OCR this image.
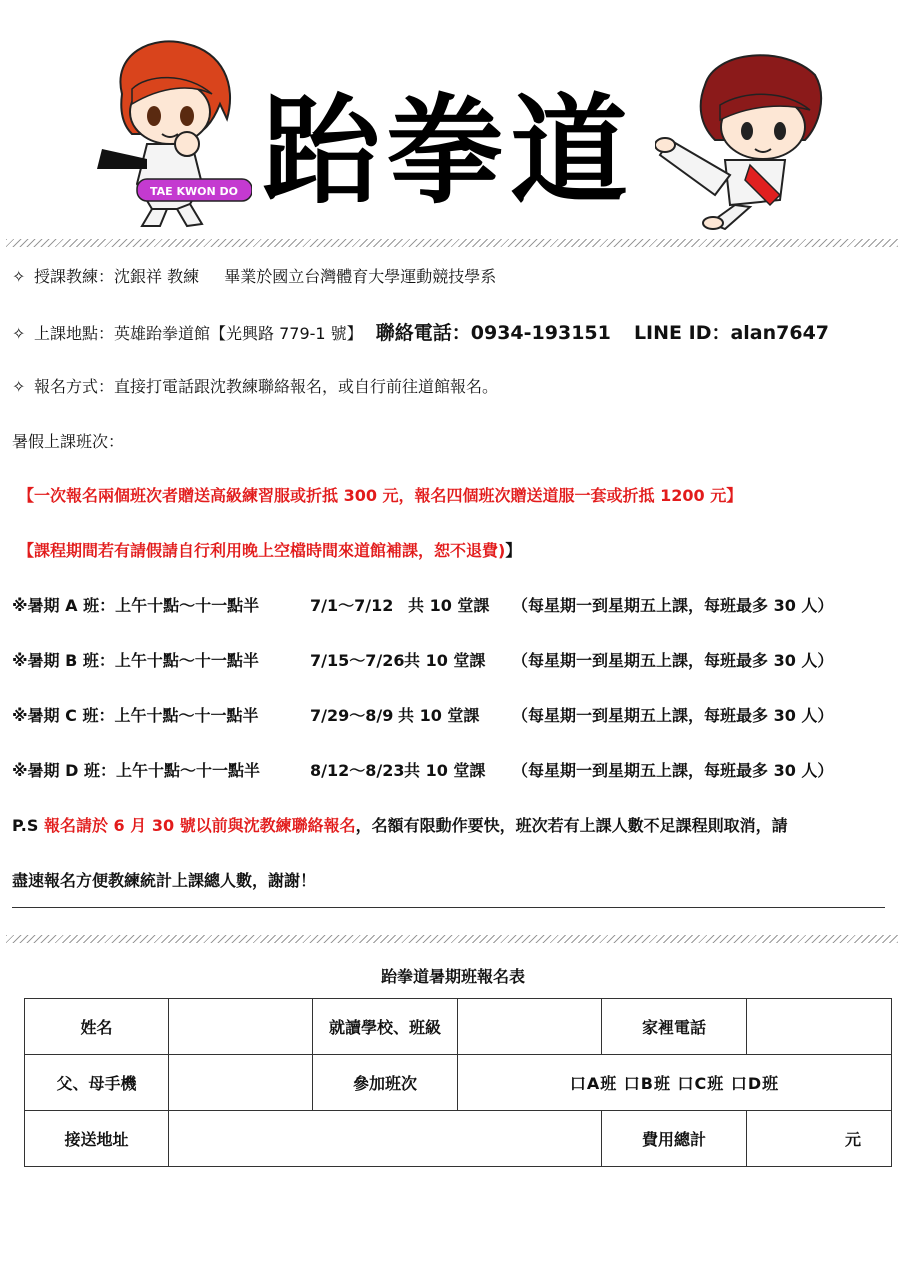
TAE KWON DO 跆拳道
✧ 授課教練：沈銀祥 教練 畢業於國立台灣體育大學運動競技學系
✧ 上課地點：英雄跆拳道館【光興路 779-1 號】 聯絡電話：0934-193151 LINE ID：alan7647
✧ 報名方式：直接打電話跟沈教練聯絡報名，或自行前往道館報名。
暑假上課班次：
【一次報名兩個班次者贈送高級練習服或折抵 300 元，報名四個班次贈送道服一套或折抵 1200 元】
【課程期間若有請假請自行利用晚上空檔時間來道館補課，恕不退費)】
※暑期 A 班：上午十點〜十一點半	7/1〜7/12 共 10 堂課 （每星期一到星期五上課，每班最多 30 人）
※暑期 B 班：上午十點〜十一點半	7/15〜7/26 共 10 堂課 （每星期一到星期五上課，每班最多 30 人）
※暑期 C 班：上午十點〜十一點半	7/29〜8/9 共 10 堂課 （每星期一到星期五上課，每班最多 30 人）
※暑期 D 班：上午十點〜十一點半	8/12〜8/23 共 10 堂課 （每星期一到星期五上課，每班最多 30 人）
P.S 報名請於 6 月 30 號以前與沈教練聯絡報名，名額有限動作要快，班次若有上課人數不足課程則取消，請
盡速報名方便教練統計上課總人數，謝謝！
跆拳道暑期班報名表
姓名		就讀學校、班級		家裡電話	
父、母手機		參加班次	口A班 口B班 口C班 口D班		
接送地址				費用總計	元
